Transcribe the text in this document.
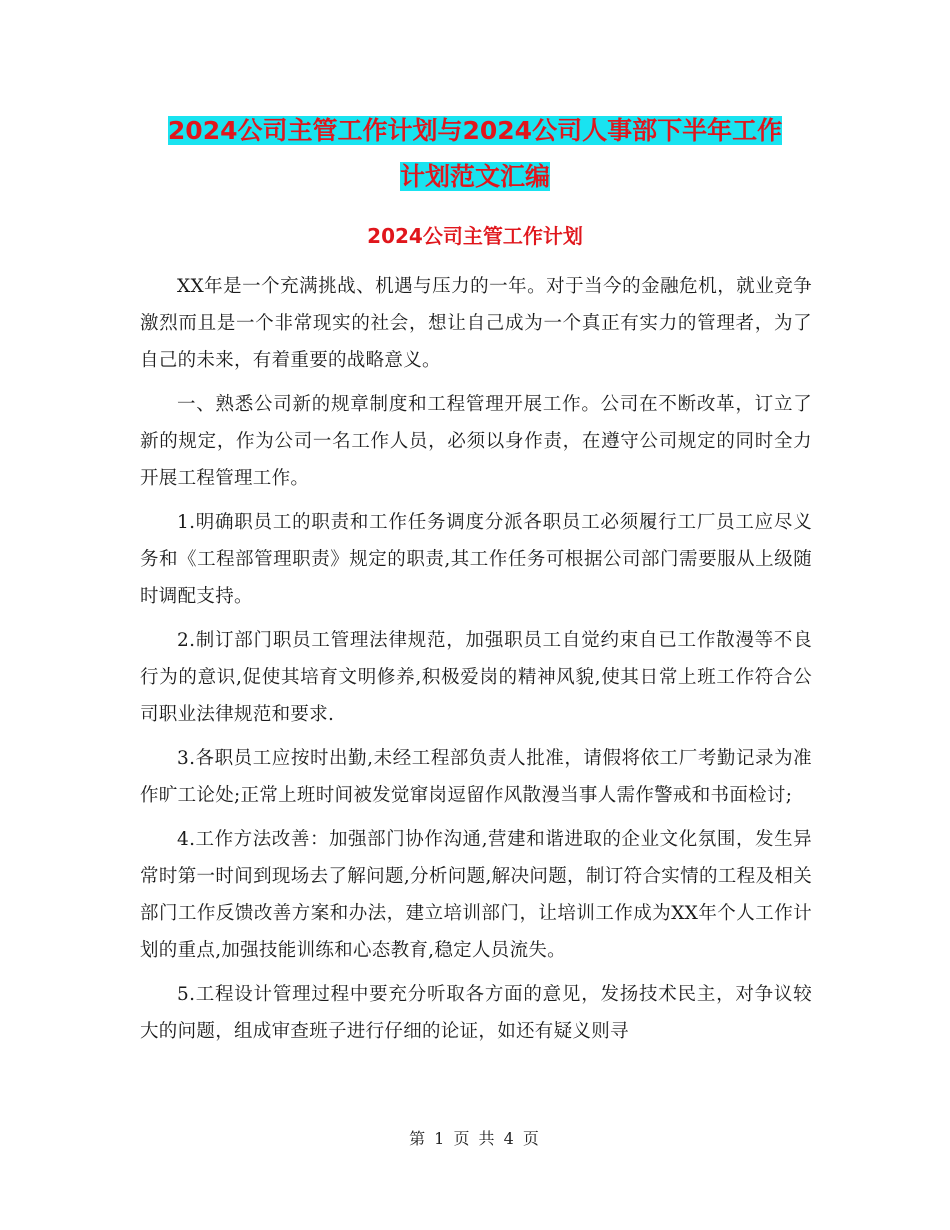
2024公司主管工作计划与2024公司人事部下半年工作
计划范文汇编
2024公司主管工作计划

XX年是一个充满挑战、机遇与压力的一年。对于当今的金融危机，就业竞争激烈而且是一个非常现实的社会，想让自己成为一个真正有实力的管理者，为了自己的未来，有着重要的战略意义。

一、熟悉公司新的规章制度和工程管理开展工作。公司在不断改革，订立了新的规定，作为公司一名工作人员，必须以身作责，在遵守公司规定的同时全力开展工程管理工作。

1.明确职员工的职责和工作任务调度分派各职员工必须履行工厂员工应尽义务和《工程部管理职责》规定的职责,其工作任务可根据公司部门需要服从上级随时调配支持。

2.制订部门职员工管理法律规范，加强职员工自觉约束自已工作散漫等不良行为的意识,促使其培育文明修养,积极爱岗的精神风貌,使其日常上班工作符合公司职业法律规范和要求.

3.各职员工应按时出勤,未经工程部负责人批准，请假将依工厂考勤记录为准作旷工论处;正常上班时间被发觉窜岗逗留作风散漫当事人需作警戒和书面检讨;

4.工作方法改善：加强部门协作沟通,营建和谐进取的企业文化氛围，发生异常时第一时间到现场去了解问题,分析问题,解决问题，制订符合实情的工程及相关部门工作反馈改善方案和办法，建立培训部门，让培训工作成为XX年个人工作计划的重点,加强技能训练和心态教育,稳定人员流失。

5.工程设计管理过程中要充分听取各方面的意见，发扬技术民主，对争议较大的问题，组成审查班子进行仔细的论证，如还有疑义则寻

第 1 页 共 4 页
